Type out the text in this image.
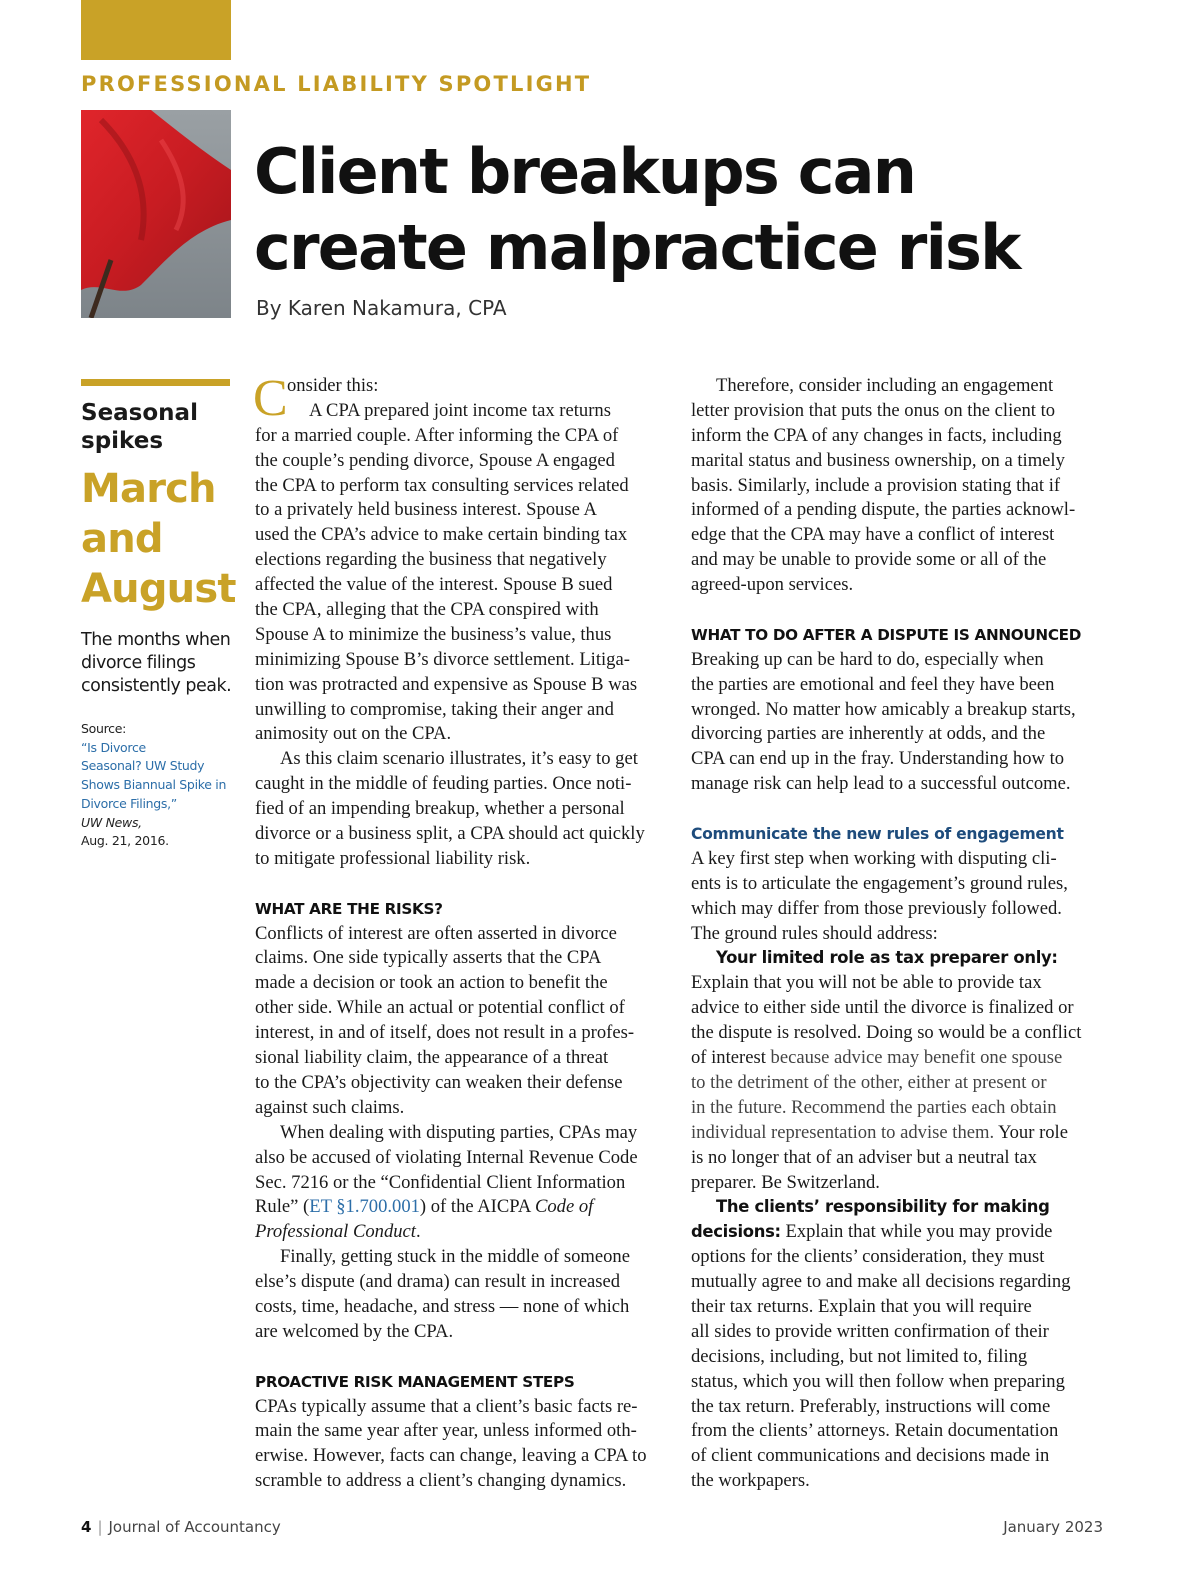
PROFESSIONAL LIABILITY SPOTLIGHT
Client breakups can
create malpractice risk
By Karen Nakamura, CPA
Seasonal
spikes
March
and
August
The months when
divorce filings
consistently peak.
Source:
“Is Divorce
Seasonal? UW Study
Shows Biannual Spike in
Divorce Filings,”
UW News,
Aug. 21, 2016.
C onsider this:
A CPA prepared joint income tax returns
for a married couple. After informing the CPA of
the couple’s pending divorce, Spouse A engaged
the CPA to perform tax consulting services related
to a privately held business interest. Spouse A
used the CPA’s advice to make certain binding tax
elections regarding the business that negatively
affected the value of the interest. Spouse B sued
the CPA, alleging that the CPA conspired with
Spouse A to minimize the business’s value, thus
minimizing Spouse B’s divorce settlement. Litiga-
tion was protracted and expensive as Spouse B was
unwilling to compromise, taking their anger and
animosity out on the CPA.
As this claim scenario illustrates, it’s easy to get
caught in the middle of feuding parties. Once noti-
fied of an impending breakup, whether a personal
divorce or a business split, a CPA should act quickly
to mitigate professional liability risk.
WHAT ARE THE RISKS?
Conflicts of interest are often asserted in divorce
claims. One side typically asserts that the CPA
made a decision or took an action to benefit the
other side. While an actual or potential conflict of
interest, in and of itself, does not result in a profes-
sional liability claim, the appearance of a threat
to the CPA’s objectivity can weaken their defense
against such claims.
When dealing with disputing parties, CPAs may
also be accused of violating Internal Revenue Code
Sec. 7216 or the “Confidential Client Information
Rule” (ET §1.700.001) of the AICPA Code of
Professional Conduct.
Finally, getting stuck in the middle of someone
else’s dispute (and drama) can result in increased
costs, time, headache, and stress — none of which
are welcomed by the CPA.
PROACTIVE RISK MANAGEMENT STEPS
CPAs typically assume that a client’s basic facts re-
main the same year after year, unless informed oth-
erwise. However, facts can change, leaving a CPA to
scramble to address a client’s changing dynamics.
Therefore, consider including an engagement
letter provision that puts the onus on the client to
inform the CPA of any changes in facts, including
marital status and business ownership, on a timely
basis. Similarly, include a provision stating that if
informed of a pending dispute, the parties acknowl-
edge that the CPA may have a conflict of interest
and may be unable to provide some or all of the
agreed-upon services.
WHAT TO DO AFTER A DISPUTE IS ANNOUNCED
Breaking up can be hard to do, especially when
the parties are emotional and feel they have been
wronged. No matter how amicably a breakup starts,
divorcing parties are inherently at odds, and the
CPA can end up in the fray. Understanding how to
manage risk can help lead to a successful outcome.
Communicate the new rules of engagement
A key first step when working with disputing cli-
ents is to articulate the engagement’s ground rules,
which may differ from those previously followed.
The ground rules should address:
Your limited role as tax preparer only:
Explain that you will not be able to provide tax
advice to either side until the divorce is finalized or
the dispute is resolved. Doing so would be a conflict
of interest because advice may benefit one spouse
to the detriment of the other, either at present or
in the future. Recommend the parties each obtain
individual representation to advise them. Your role
is no longer that of an adviser but a neutral tax
preparer. Be Switzerland.
The clients’ responsibility for making
decisions: Explain that while you may provide
options for the clients’ consideration, they must
mutually agree to and make all decisions regarding
their tax returns. Explain that you will require
all sides to provide written confirmation of their
decisions, including, but not limited to, filing
status, which you will then follow when preparing
the tax return. Preferably, instructions will come
from the clients’ attorneys. Retain documentation
of client communications and decisions made in
the workpapers.
4 | Journal of Accountancy	January 2023
